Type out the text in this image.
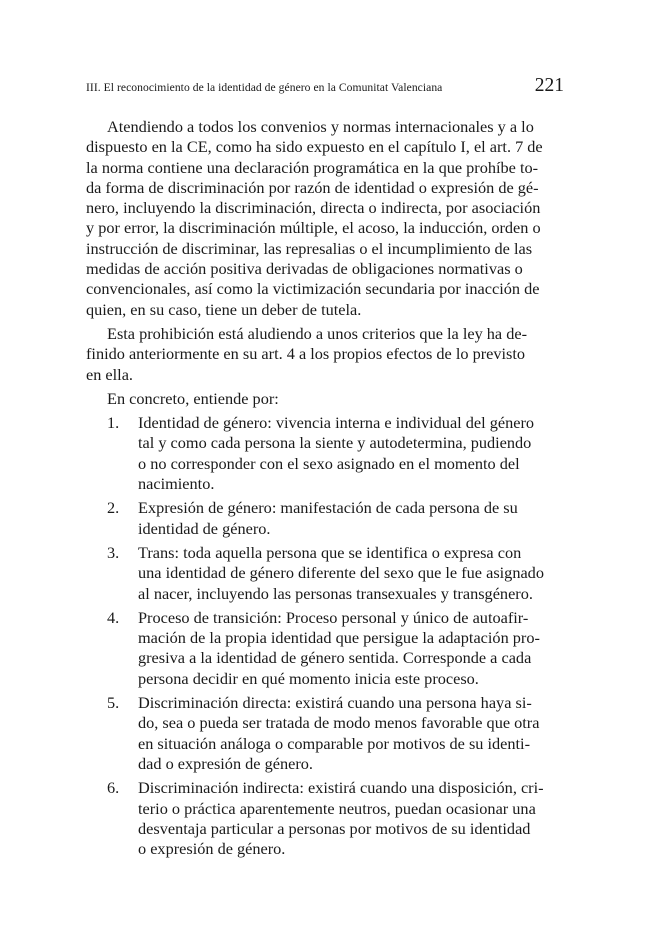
III. El reconocimiento de la identidad de género en la Comunitat Valenciana	221

Atendiendo a todos los convenios y normas internacionales y a lo
dispuesto en la CE, como ha sido expuesto en el capítulo I, el art. 7 de
la norma contiene una declaración programática en la que prohíbe to-
da forma de discriminación por razón de identidad o expresión de gé-
nero, incluyendo la discriminación, directa o indirecta, por asociación
y por error, la discriminación múltiple, el acoso, la inducción, orden o
instrucción de discriminar, las represalias o el incumplimiento de las
medidas de acción positiva derivadas de obligaciones normativas o
convencionales, así como la victimización secundaria por inacción de
quien, en su caso, tiene un deber de tutela.

Esta prohibición está aludiendo a unos criterios que la ley ha de-
finido anteriormente en su art. 4 a los propios efectos de lo previsto
en ella.

En concreto, entiende por:

1. Identidad de género: vivencia interna e individual del género
tal y como cada persona la siente y autodetermina, pudiendo
o no corresponder con el sexo asignado en el momento del
nacimiento.
2. Expresión de género: manifestación de cada persona de su
identidad de género.
3. Trans: toda aquella persona que se identifica o expresa con
una identidad de género diferente del sexo que le fue asignado
al nacer, incluyendo las personas transexuales y transgénero.
4. Proceso de transición: Proceso personal y único de autoafir-
mación de la propia identidad que persigue la adaptación pro-
gresiva a la identidad de género sentida. Corresponde a cada
persona decidir en qué momento inicia este proceso.
5. Discriminación directa: existirá cuando una persona haya si-
do, sea o pueda ser tratada de modo menos favorable que otra
en situación análoga o comparable por motivos de su identi-
dad o expresión de género.
6. Discriminación indirecta: existirá cuando una disposición, cri-
terio o práctica aparentemente neutros, puedan ocasionar una
desventaja particular a personas por motivos de su identidad
o expresión de género.
